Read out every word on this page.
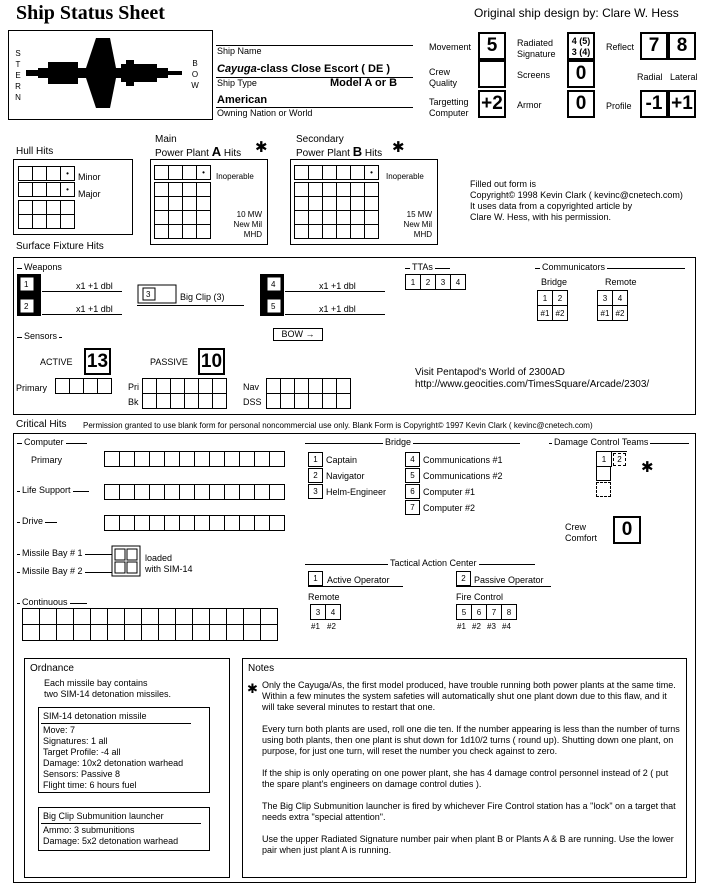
Ship Status Sheet	Original ship design by: Clare W. Hess
S
T
E
R
N
B
O
W
Ship Name
Cayuga-class Close Escort ( DE )
Ship Type	Model A or B
American
Owning Nation or World
Movement 5
Crew Quality
Targetting Computer +2
Radiated Signature
4 (5)
3 (4)
Screens	0
Armor	0
Reflect 7 8
Radial Lateral
Profile -1 +1
Hull Hits
•	Minor
•	Major
Main
Power Plant A Hits ✱
•	Inoperable
10 MW
New Mil
MHD
Secondary
Power Plant B Hits ✱
•	Inoperable
15 MW
New Mil
MHD
Filled out form is
Copyright© 1998 Kevin Clark ( kevinc@cnetech.com)
It uses data from a copyrighted article by
Clare W. Hess, with his permission.
Surface Fixture Hits
Weapons
1
2
x1 +1 dbl
x1 +1 dbl
3	Big Clip (3)
4
5
x1 +1 dbl
x1 +1 dbl
BOW →
TTAs
1	2	3	4
Communicators
Bridge	Remote
1	2
#1 #2
3	4
#1 #2
Sensors
ACTIVE 13	PASSIVE 10
Primary	Pri
Bk
Nav
DSS
Visit Pentapod's World of 2300AD
http://www.geocities.com/TimesSquare/Arcade/2303/
Critical Hits Permission granted to use blank form for personal noncommercial use only. Blank Form is Copyright© 1997 Kevin Clark ( kevinc@cnetech.com)
Computer
Primary
Life Support
Drive
Missile Bay # 1
Missile Bay # 2
loaded
with SIM-14
Continuous
Bridge
1 Captain
2 Navigator
3 Helm-Engineer
4 Communications #1
5 Communications #2
6 Computer #1
7 Computer #2
Damage Control Teams
1	2 ✱
Crew Comfort	0
Tactical Action Center
1	Active Operator	2 Passive Operator
Remote
3	4
#1 #2
Fire Control
5	6	7	8
#1 #2 #3 #4
Ordnance
Each missile bay contains
two SIM-14 detonation missiles.
SIM-14 detonation missile
Move: 7
Signatures: 1 all
Target Profile: -4 all
Damage: 10x2 detonation warhead
Sensors: Passive 8
Flight time: 6 hours fuel
Big Clip Submunition launcher
Ammo: 3 submunitions
Damage: 5x2 detonation warhead
Notes
✱ Only the Cayuga/As, the first model produced, have trouble running both power plants at the same time. Within a few minutes the system safeties will automatically shut one plant down due to this flaw, and it will take several minutes to restart that one.

Every turn both plants are used, roll one die ten. If the number appearing is less than the number of turns using both plants, then one plant is shut down for 1d10/2 turns ( round up). Shutting down one plant, on purpose, for just one turn, will reset the number you check against to zero.

If the ship is only operating on one power plant, she has 4 damage control personnel instead of 2 ( put the spare plant's engineers on damage control duties ).

The Big Clip Submunition launcher is fired by whichever Fire Control station has a "lock" on a target that needs extra "special attention".

Use the upper Radiated Signature number pair when plant B or Plants A & B are running. Use the lower pair when just plant A is running.
